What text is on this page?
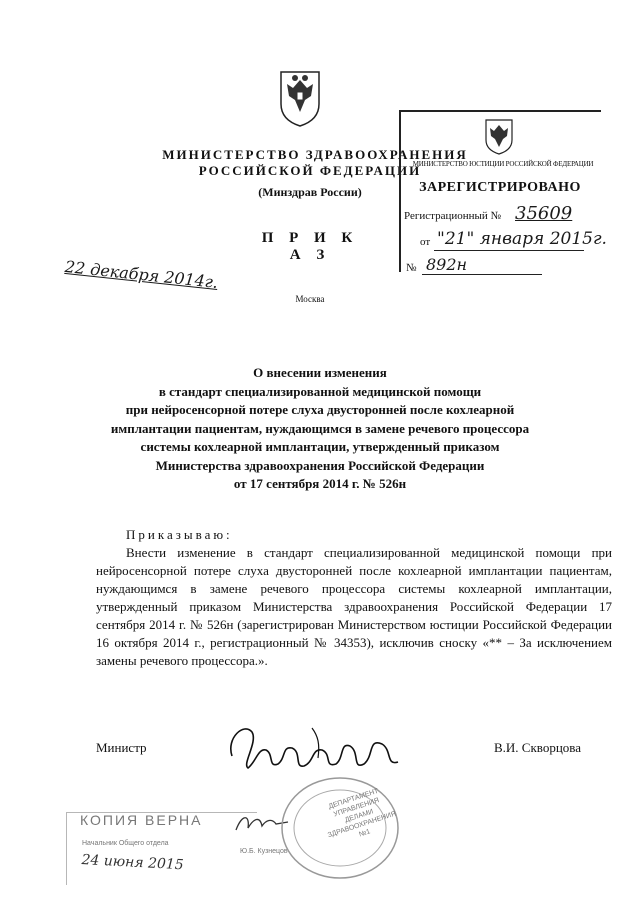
МИНИСТЕРСТВО ЗДРАВООХРАНЕНИЯ
РОССИЙСКОЙ ФЕДЕРАЦИИ
(Минздрав России)
П Р И К А З
22 декабря 2014г.
Москва
МИНИСТЕРСТВО ЮСТИЦИИ РОССИЙСКОЙ ФЕДЕРАЦИИ
ЗАРЕГИСТРИРОВАНО
Регистрационный № 35609
от "21" января 2015г.
№ 892н
О внесении изменения
в стандарт специализированной медицинской помощи
при нейросенсорной потере слуха двусторонней после кохлеарной
имплантации пациентам, нуждающимся в замене речевого процессора
системы кохлеарной имплантации, утвержденный приказом
Министерства здравоохранения Российской Федерации
от 17 сентября 2014 г. № 526н
Приказываю:
Внести изменение в стандарт специализированной медицинской помощи при нейросенсорной потере слуха двусторонней после кохлеарной имплантации пациентам, нуждающимся в замене речевого процессора системы кохлеарной имплантации, утвержденный приказом Министерства здравоохранения Российской Федерации 17 сентября 2014 г. № 526н (зарегистрирован Министерством юстиции Российской Федерации 16 октября 2014 г., регистрационный № 34353), исключив сноску «** – За исключением замены речевого процессора.».
Министр	В.И. Скворцова
КОПИЯ ВЕРНА
Начальник Общего отдела
24 июня 2015
Ю.Б. Кузнецов
ДЕПАРТАМЕНТ УПРАВЛЕНИЯ ДЕЛАМИ ЗДРАВООХРАНЕНИЯ №1
